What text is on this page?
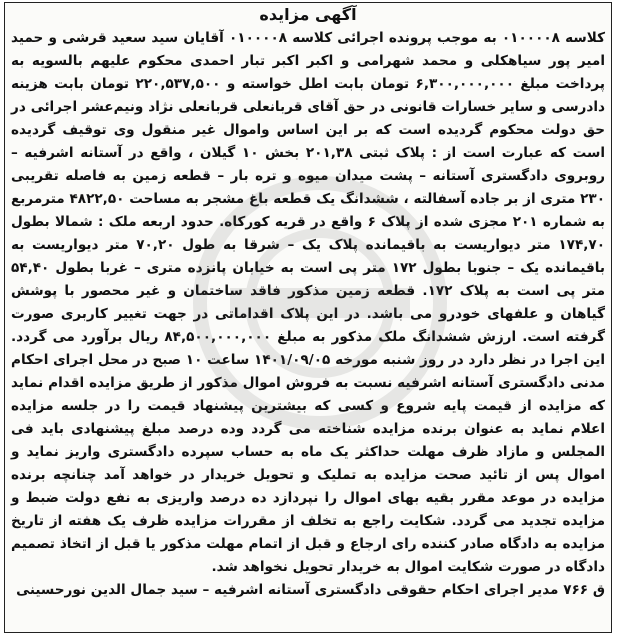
آگهی مزایده

کلاسه ۰۱۰۰۰۰۸ به موجب پرونده اجرائی کلاسه ۰۱۰۰۰۰۸ آقایان سید سعید قرشی و حمید امیر پور سیاهکلی و محمد شهرامی و اکبر اکبر تبار احمدی محکوم علیهم بالسویه به پرداخت مبلغ ۶,۳۰۰,۰۰۰,۰۰۰ تومان بابت اطل خواسته و ۲۲۰,۵۳۷,۵۰۰ تومان بابت هزینه دادرسی و سایر خسارات قانونی در حق آقای قربانعلی قربانعلی نژاد ونیم‌عشر اجرائی در حق دولت محکوم گردیده است که بر این اساس واموال غیر منقول وی توقیف گردیده است که عبارت است از : پلاک ثبتی ۲۰۱,۳۸ بخش ۱۰ گیلان ، واقع در آستانه اشرفیه – روبروی دادگستری آستانه – پشت میدان میوه و تره بار – قطعه زمین به فاصله تقریبی ۲۳۰ متری از بر جاده آسفالته ، ششدانگ یک قطعه باغ مشجر به مساحت ۴۸۲۲,۵۰ مترمربع به شماره ۲۰۱ مجزی شده از پلاک ۶ واقع در قریه کورکاه. حدود اربعه ملک : شمالا بطول ۱۷۴,۷۰ متر دیواریست به باقیمانده پلاک یک – شرقا به طول ۷۰,۲۰ متر دیواریست به باقیمانده یک – جنوبا بطول ۱۷۲ متر پی است به خیابان پانزده متری – غربا بطول ۵۴,۴۰ متر پی است به پلاک ۱۷۲. قطعه زمین مذکور فاقد ساختمان و غیر محصور با پوشش گیاهان و علفهای خودرو می باشد. در این پلاک اقداماتی در جهت تغییر کاربری صورت گرفته است. ارزش ششدانگ ملک مذکور به مبلغ ۸۴,۵۰۰,۰۰۰,۰۰۰ ریال برآورد می گردد. این اجرا در نظر دارد در روز شنبه مورخه ۱۴۰۱/۰۹/۰۵ ساعت ۱۰ صبح در محل اجرای احکام مدنی دادگستری آستانه اشرفیه نسبت به فروش اموال مذکور از طریق مزایده اقدام نماید که مزایده از قیمت پایه شروع و کسی که بیشترین پیشنهاد قیمت را در جلسه مزایده اعلام نماید به عنوان برنده مزایده شناخته می گردد وده درصد مبلغ پیشنهادی باید فی المجلس و مازاد ظرف مهلت حداکثر یک ماه به حساب سپرده دادگستری واریز نماید و اموال پس از تائید صحت مزایده به تملیک و تحویل خریدار در خواهد آمد چنانچه برنده مزایده در موعد مقرر بقیه بهای اموال را نپردازد ده درصد واریزی به نفع دولت ضبط و مزایده تجدید می گردد. شکایت راجع به تخلف از مقررات مزایده ظرف یک هفته از تاریخ مزایده به دادگاه صادر کننده رای ارجاع و قبل از اتمام مهلت مذکور یا قبل از اتخاذ تصمیم دادگاه در صورت شکایت اموال به خریدار تحویل نخواهد شد.

ق ۷۶۶ مدیر اجرای احکام حقوقی دادگستری آستانه اشرفیه – سید جمال الدین نورحسینی
